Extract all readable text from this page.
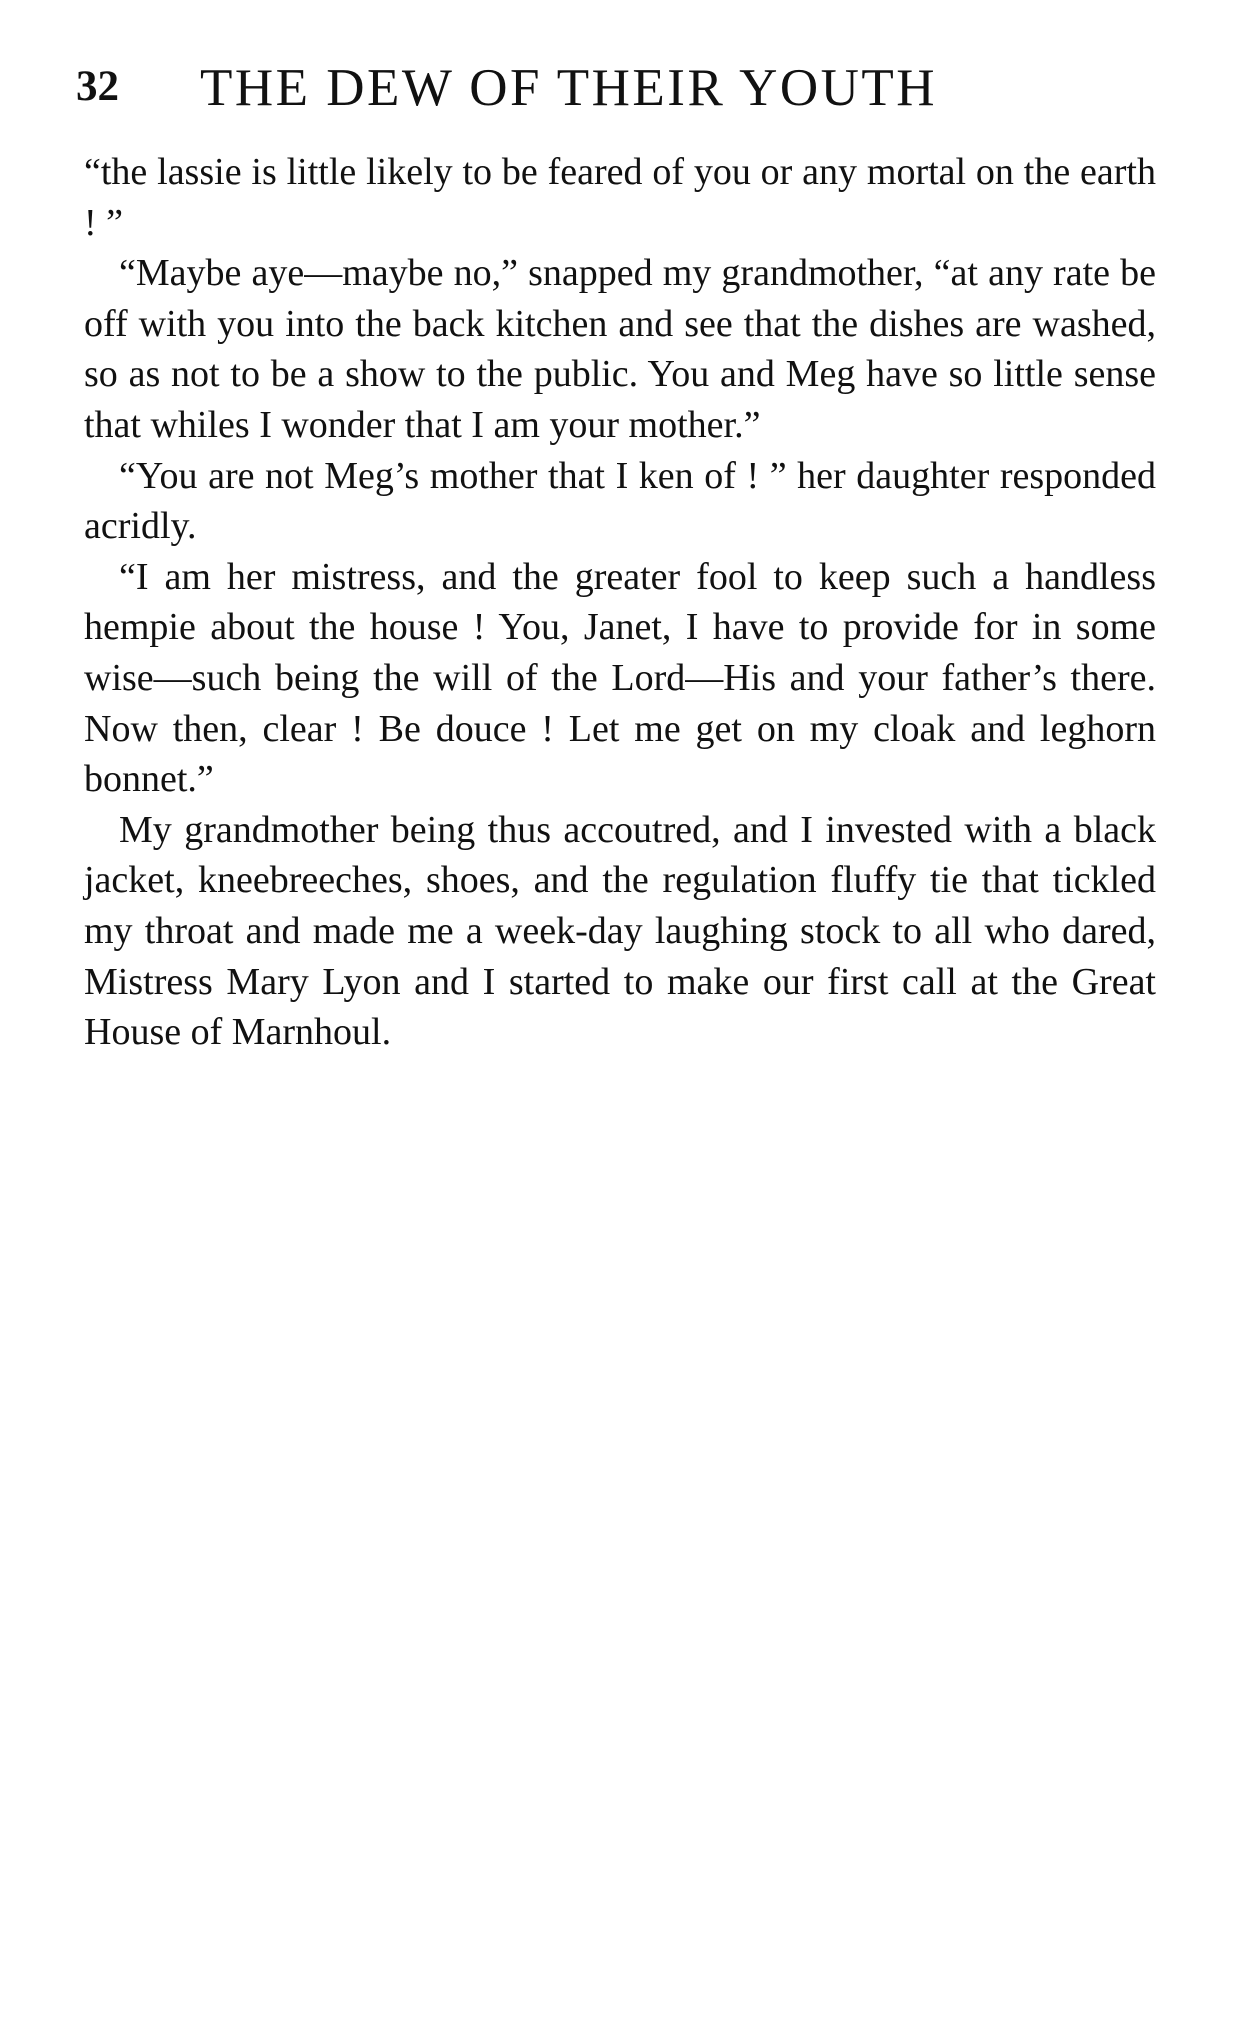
32 THE DEW OF THEIR YOUTH

“the lassie is little likely to be feared of you or any mortal on the earth ! ”

“Maybe aye—maybe no,” snapped my grandmother, “at any rate be off with you into the back kitchen and see that the dishes are washed, so as not to be a show to the public. You and Meg have so little sense that whiles I wonder that I am your mother.”

“You are not Meg’s mother that I ken of ! ” her daughter responded acridly.

“I am her mistress, and the greater fool to keep such a handless hempie about the house ! You, Janet, I have to provide for in some wise—such being the will of the Lord—His and your father’s there. Now then, clear ! Be douce ! Let me get on my cloak and leghorn bonnet.”

My grandmother being thus accoutred, and I invested with a black jacket, kneebreeches, shoes, and the regulation fluffy tie that tickled my throat and made me a week-day laughing stock to all who dared, Mistress Mary Lyon and I started to make our first call at the Great House of Marnhoul.
